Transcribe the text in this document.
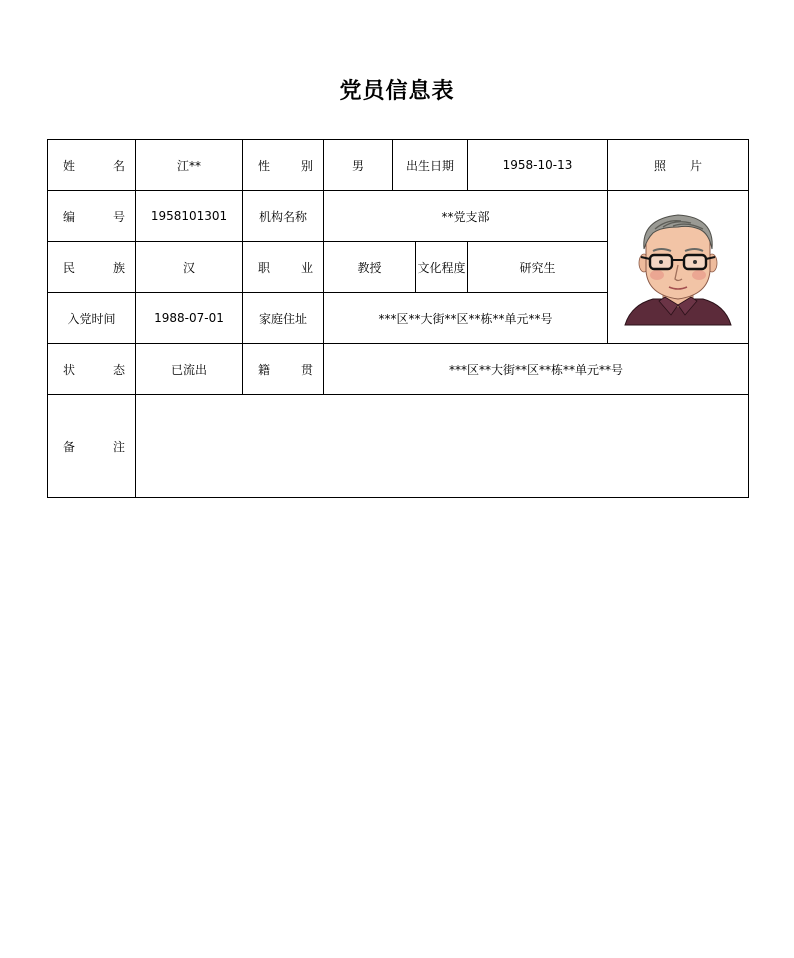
党员信息表
姓　　名	江**	性　　别	男	出生日期		1958-10-13	照　　片
编　　号	1958101301	机构名称	**党支部	

民　　族	汉	职　　业	教授		文化程度	研究生	
入党时间	1988-07-01	家庭住址	***区**大街**区**栋**单元**号				
状　　态	已流出	籍　　贯	***区**大街**区**栋**单元**号				
备　　注							
